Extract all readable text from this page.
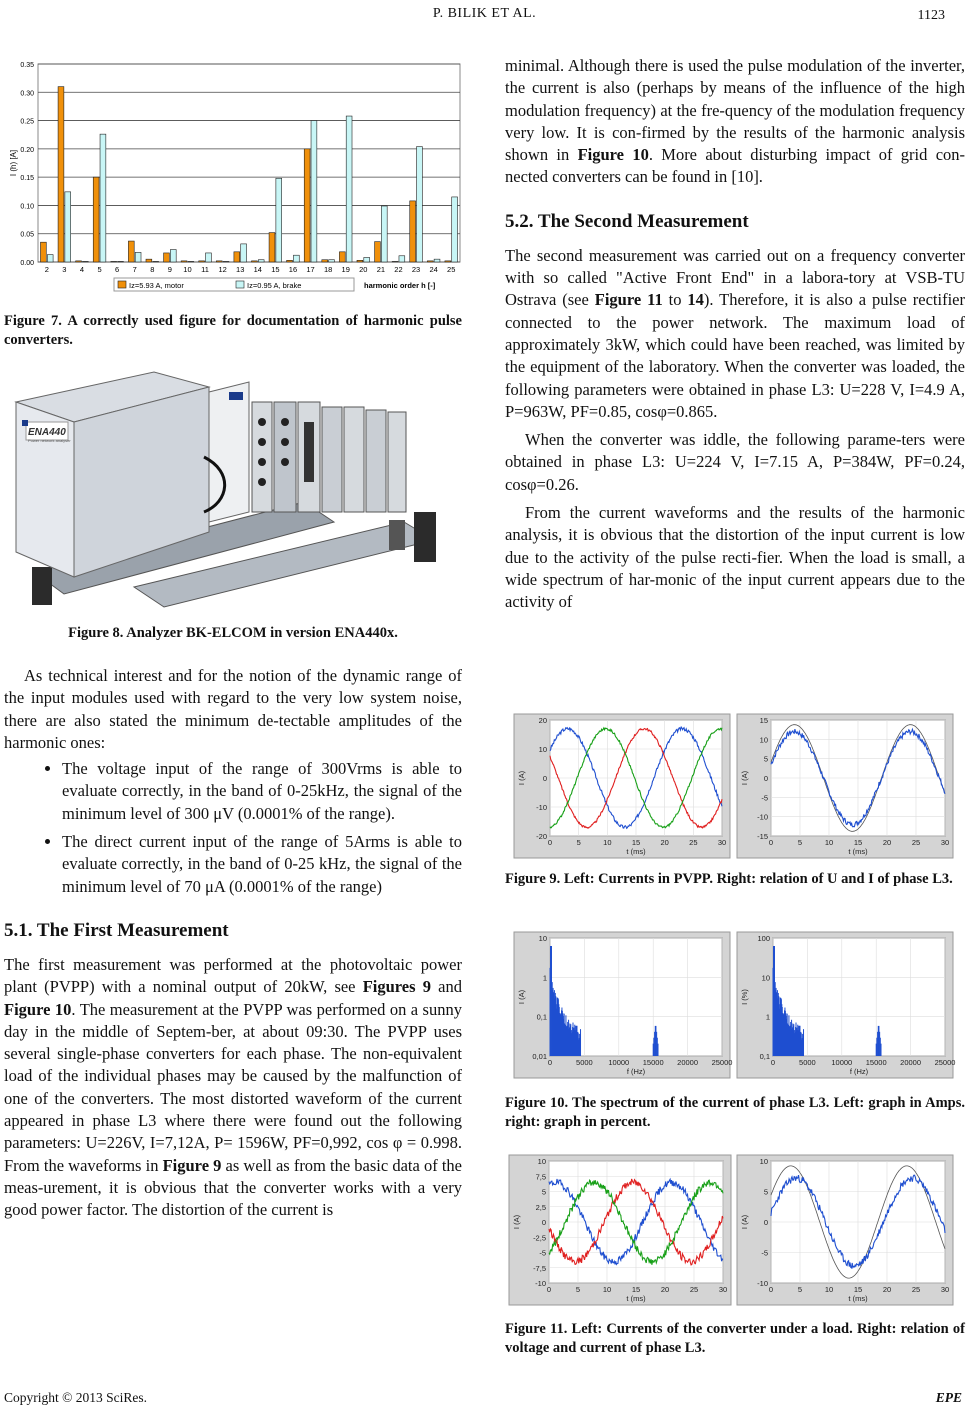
P. BILIK ET AL.	1123
0.00
0.05
0.10
0.15
0.20
0.25
0.30
0.35
2 3 4 5 6 7 8 9 10 11 12 13 14 15 16 17 18 19 20 21 22 23 24 25
I (h) [A]
Iz=5.93 A, motor	Iz=0.95 A, brake	harmonic order h [-]

Figure 7. A correctly used figure for documentation of harmonic pulse converters.

ENA440
Power network analyser

Figure 8. Analyzer BK-ELCOM in version ENA440x.

As technical interest and for the notion of the dynamic range of the input modules used with regard to the very low system noise, there are also stated the minimum de-tectable amplitudes of the harmonic ones:

• The voltage input of the range of 300Vrms is able to evaluate correctly, in the band of 0-25kHz, the signal of the minimum level of 300 μV (0.0001% of the range).
• The direct current input of the range of 5Arms is able to evaluate correctly, in the band of 0-25 kHz, the signal of the minimum level of 70 μA (0.0001% of the range)
5.1. The First Measurement

The first measurement was performed at the photovoltaic power plant (PVPP) with a nominal output of 20kW, see Figures 9 and Figure 10. The measurement at the PVPP was performed on a sunny day in the middle of Septem-ber, at about 09:30. The PVPP uses several single-phase converters for each phase. The non-equivalent load of the individual phases may be caused by the malfunction of one of the converters. The most distorted waveform of the current appeared in phase L3 where there were found out the following parameters: U=226V, I=7,12A, P= 1596W, PF=0,992, cos φ = 0.998. From the waveforms in Figure 9 as well as from the basic data of the meas-urement, it is obvious that the converter works with a very good power factor. The distortion of the current is

minimal. Although there is used the pulse modulation of the inverter, the current is also (perhaps by means of the influence of the high modulation frequency) at the fre-quency of the modulation frequency very low. It is con-firmed by the results of the harmonic analysis shown in Figure 10. More about disturbing impact of grid con-nected converters can be found in [10].

5.2. The Second Measurement

The second measurement was carried out on a frequency converter with so called "Active Front End" in a labora-tory at VSB-TU Ostrava (see Figure 11 to 14). Therefore, it is also a pulse rectifier connected to the power network. The maximum load of approximately 3kW, which could have been reached, was limited by the equipment of the laboratory. When the converter was loaded, the following parameters were obtained in phase L3: U=228 V, I=4.9 A, P=963W, PF=0.85, cosφ=0.865.

When the converter was iddle, the following parame-ters were obtained in phase L3: U=224 V, I=7.15 A, P=384W, PF=0.24, cosφ=0.26.

From the current waveforms and the results of the harmonic analysis, it is obvious that the distortion of the input current is low due to the activity of the pulse recti-fier. When the load is small, a wide spectrum of har-monic of the input current appears due to the activity of

20
10
0
-10
-20
0	5	10	15	20	25	30
t (ms)
I (A)
15
10
5
0
-5
-10
-15
0	5	10	15	20	25	30
t (ms)
I (A)

Figure 9. Left: Currents in PVPP. Right: relation of U and I of phase L3.

10
1
0,1
0,01
0	5000 10000 15000 20000 25000
f (Hz)
I (A)
100
10
1
0,1
0	5000 10000 15000 20000 25000
f (Hz)
I (%)

Figure 10. The spectrum of the current of phase L3. Left: graph in Amps. right: graph in percent.

10
7,5
5
2,5
0
-2,5
-5
-7,5
-10
0	5	10	15	20	25	30
t (ms)
I (A)
10
5
0
-5
-10
0	5	10	15	20	25	30
t (ms)
I (A)

Figure 11. Left: Currents of the converter under a load. Right: relation of voltage and current of phase L3.

Copyright © 2013 SciRes.	EPE
